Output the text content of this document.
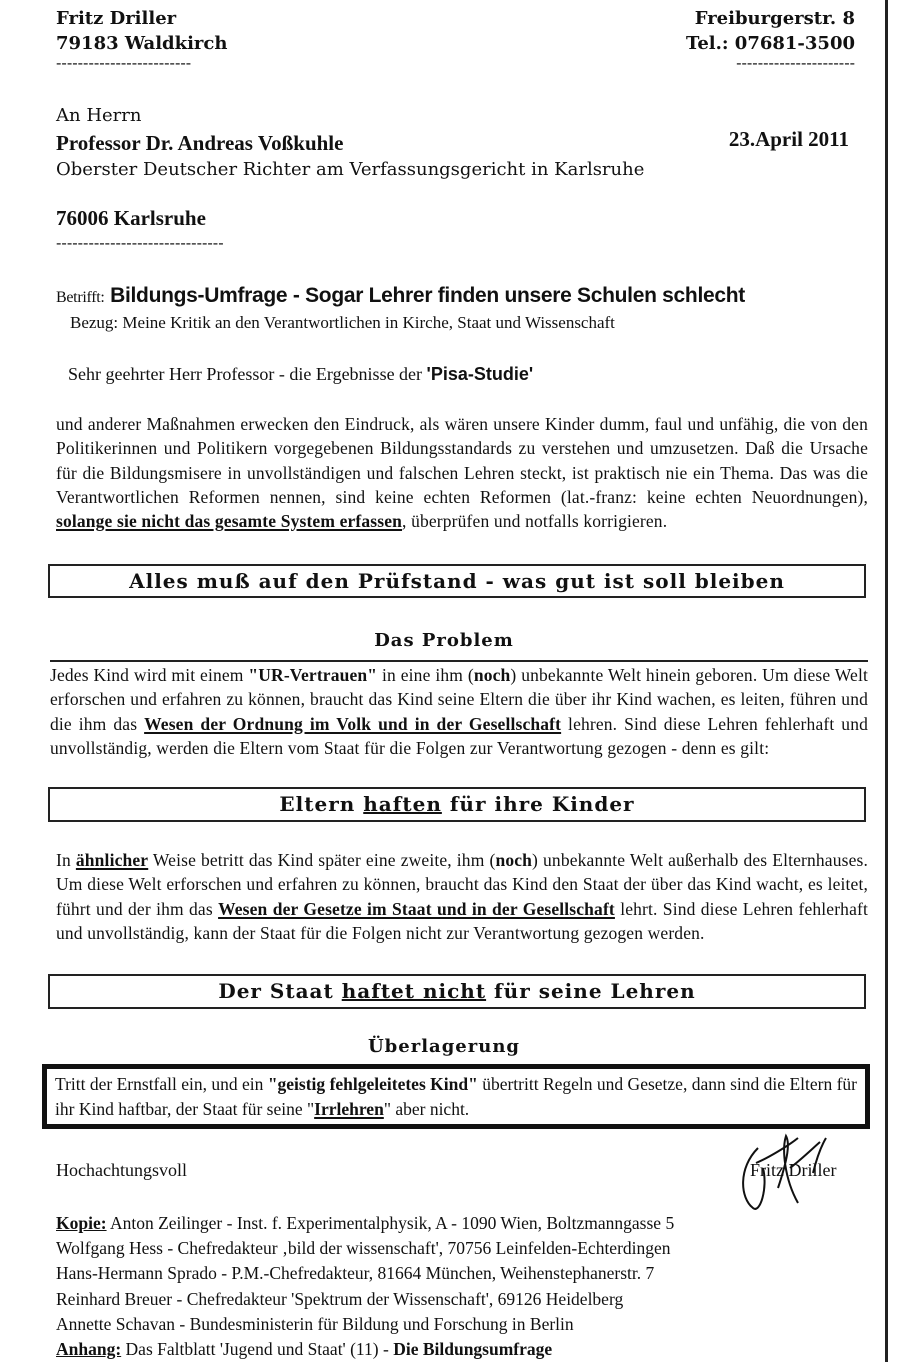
Fritz Driller
79183 Waldkirch
-------------------------
Freiburgerstr. 8
Tel.: 07681-3500
----------------------
An Herrn
Professor Dr. Andreas Voßkuhle
Oberster Deutscher Richter am Verfassungsgericht in Karlsruhe
23.April 2011
76006 Karlsruhe
-------------------------------
Betrifft: Bildungs-Umfrage - Sogar Lehrer finden unsere Schulen schlecht
Bezug: Meine Kritik an den Verantwortlichen in Kirche, Staat und Wissenschaft
Sehr geehrter Herr Professor - die Ergebnisse der 'Pisa-Studie'
und anderer Maßnahmen erwecken den Eindruck, als wären unsere Kinder dumm, faul und unfähig, die von den Politikerinnen und Politikern vorgegebenen Bildungsstandards zu verstehen und umzusetzen. Daß die Ursache für die Bildungsmisere in unvollständigen und falschen Lehren steckt, ist praktisch nie ein Thema. Das was die Verantwortlichen Reformen nennen, sind keine echten Reformen (lat.-franz: keine echten Neuordnungen), solange sie nicht das gesamte System erfassen, überprüfen und notfalls korrigieren.
Alles muß auf den Prüfstand - was gut ist soll bleiben
Das Problem
Jedes Kind wird mit einem "UR-Vertrauen" in eine ihm (noch) unbekannte Welt hinein geboren. Um diese Welt erforschen und erfahren zu können, braucht das Kind seine Eltern die über ihr Kind wachen, es leiten, führen und die ihm das Wesen der Ordnung im Volk und in der Gesellschaft lehren. Sind diese Lehren fehlerhaft und unvollständig, werden die Eltern vom Staat für die Folgen zur Verantwortung gezogen - denn es gilt:
Eltern haften für ihre Kinder
In ähnlicher Weise betritt das Kind später eine zweite, ihm (noch) unbekannte Welt außerhalb des Elternhauses. Um diese Welt erforschen und erfahren zu können, braucht das Kind den Staat der über das Kind wacht, es leitet, führt und der ihm das Wesen der Gesetze im Staat und in der Gesellschaft lehrt. Sind diese Lehren fehlerhaft und unvollständig, kann der Staat für die Folgen nicht zur Verantwortung gezogen werden.
Der Staat haftet nicht für seine Lehren
Überlagerung
Tritt der Ernstfall ein, und ein "geistig fehlgeleitetes Kind" übertritt Regeln und Gesetze, dann sind die Eltern für ihr Kind haftbar, der Staat für seine "Irrlehren" aber nicht.
Hochachtungsvoll	Fritz Driller
Kopie: Anton Zeilinger - Inst. f. Experimentalphysik, A - 1090 Wien, Boltzmanngasse 5
Wolfgang Hess - Chefredakteur ‚bild der wissenschaft', 70756 Leinfelden-Echterdingen
Hans-Hermann Sprado - P.M.-Chefredakteur, 81664 München, Weihenstephanerstr. 7
Reinhard Breuer - Chefredakteur 'Spektrum der Wissenschaft', 69126 Heidelberg
Annette Schavan - Bundesministerin für Bildung und Forschung in Berlin
Anhang: Das Faltblatt 'Jugend und Staat' (11) - Die Bildungsumfrage
